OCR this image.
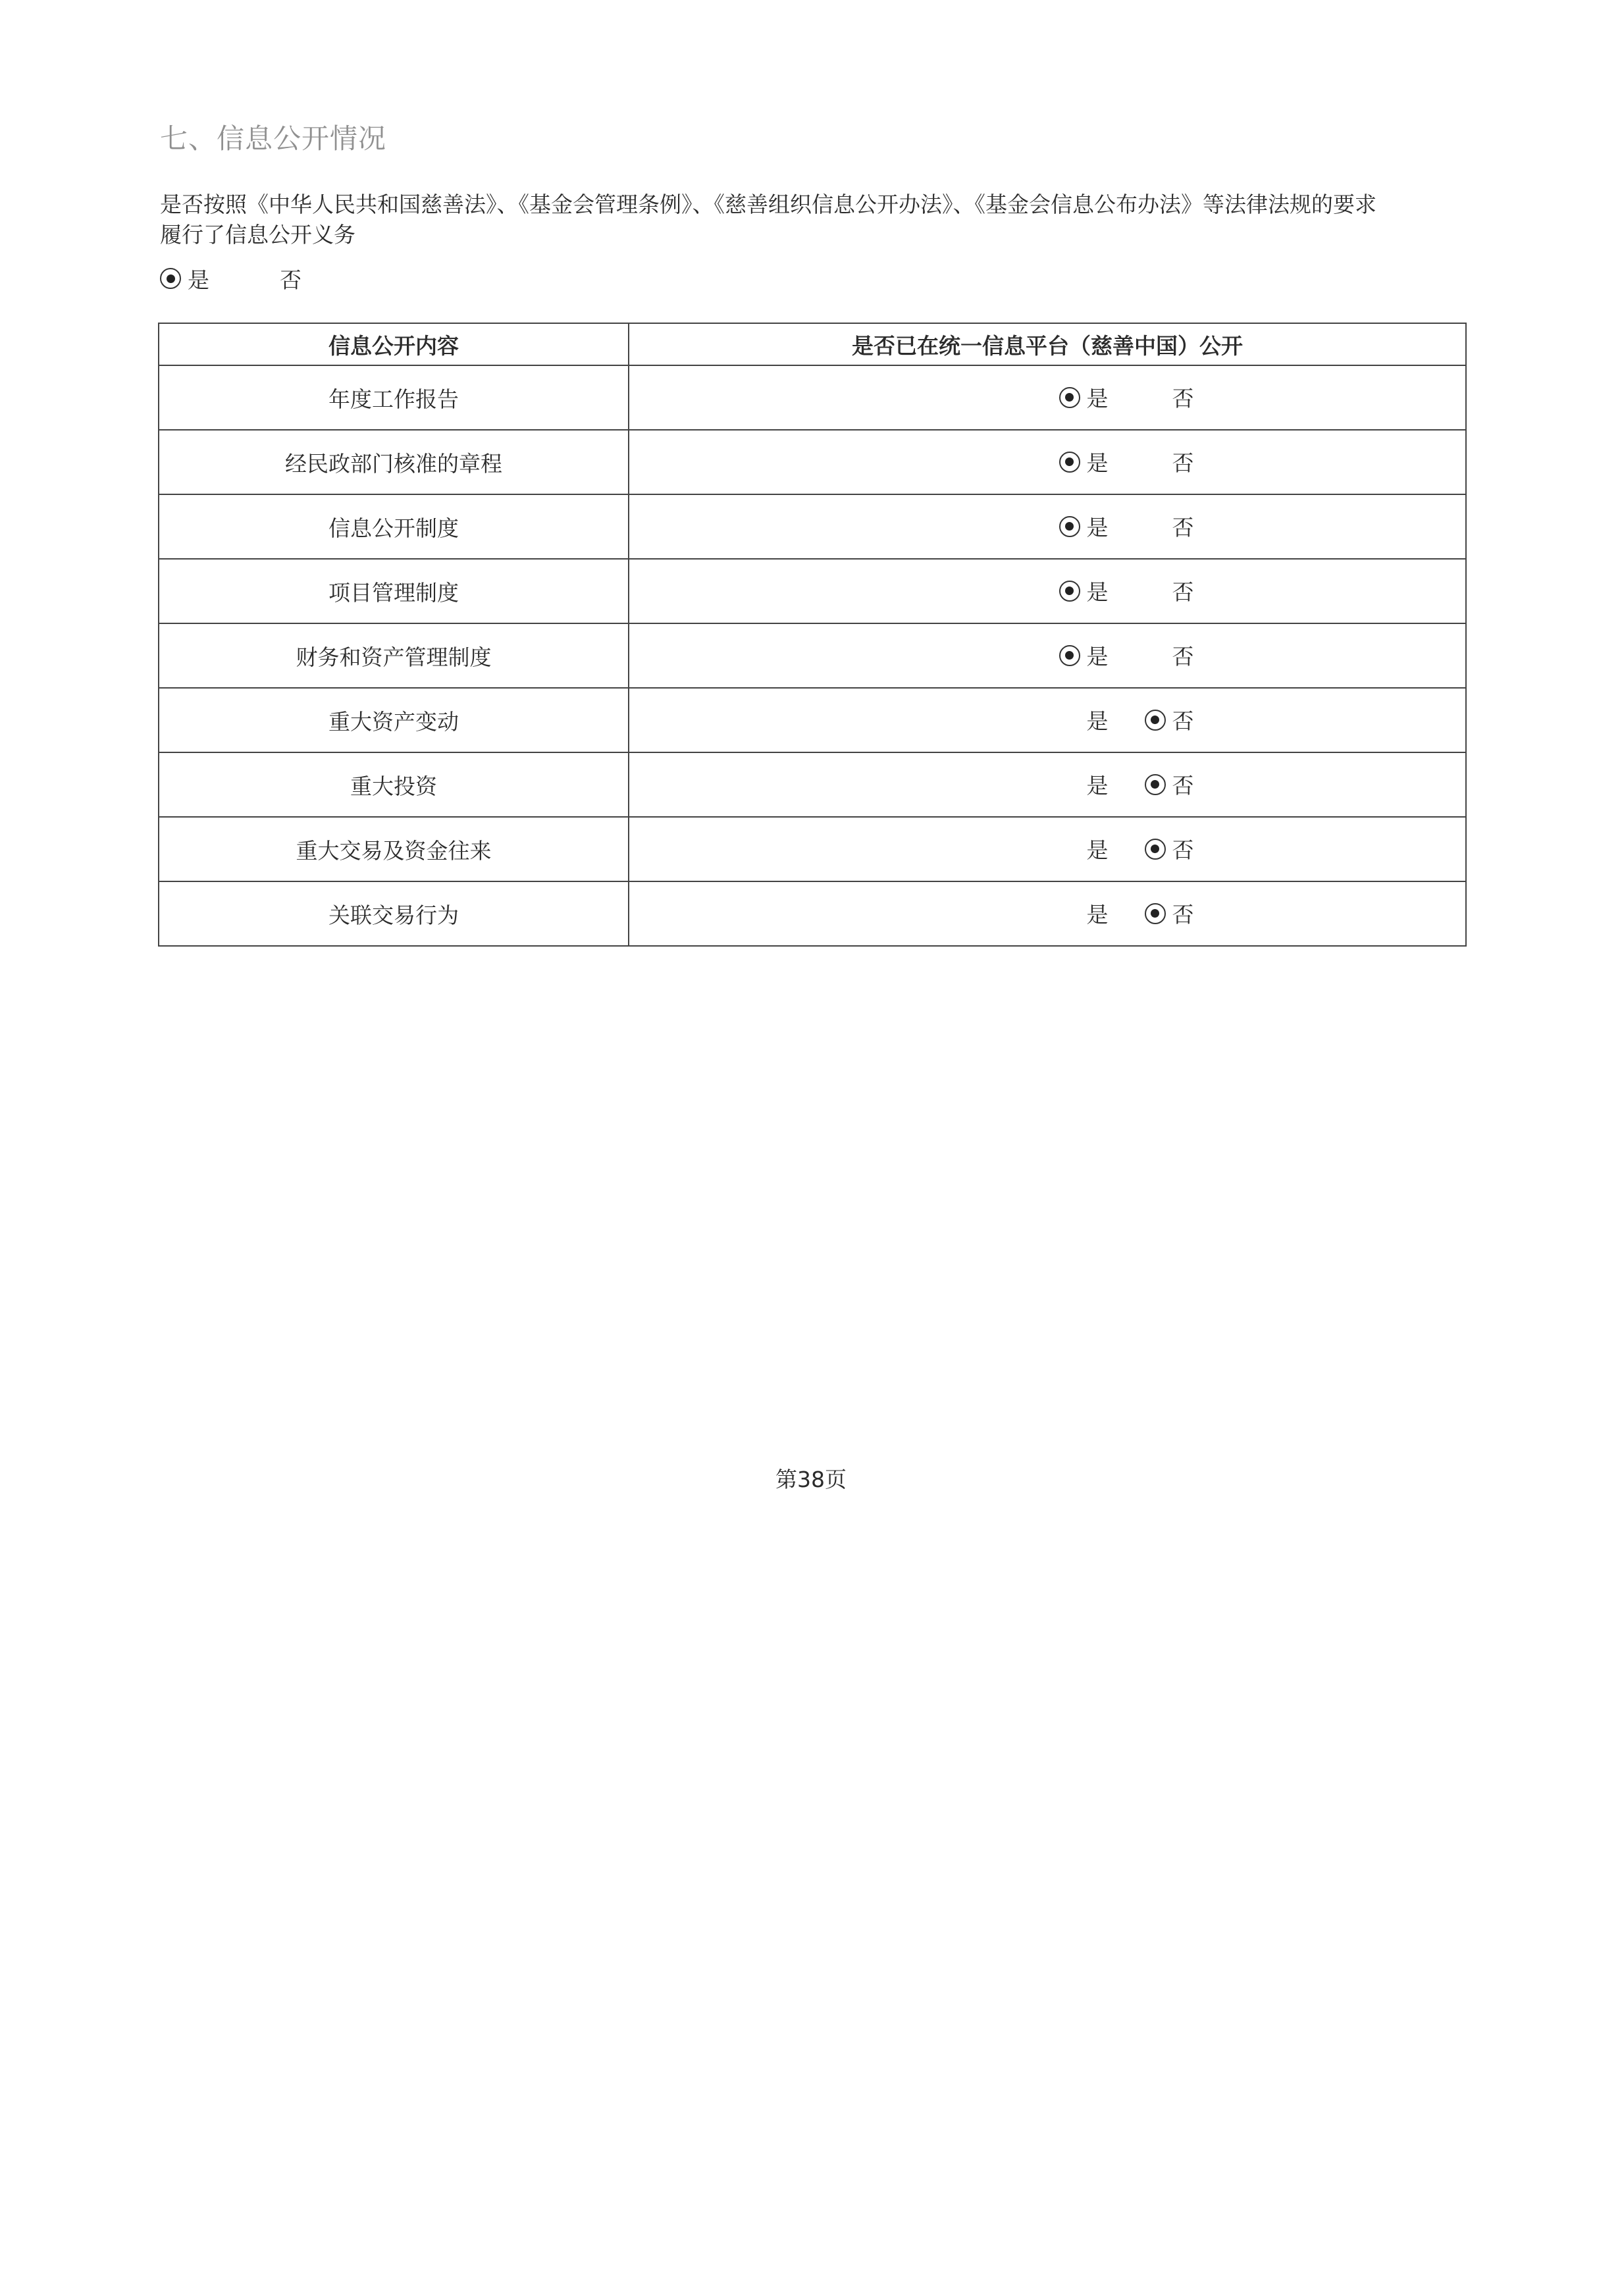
七、信息公开情况
是否按照《中华人民共和国慈善法》、《基金会管理条例》、《慈善组织信息公开办法》、《基金会信息公布办法》等法律法规的要求
履行了信息公开义务
是	否
信息公开内容	是否已在统一信息平台（慈善中国）公开
年度工作报告	是 否

经民政部门核准的章程	是 否

信息公开制度	是 否

项目管理制度	是 否

财务和资产管理制度	是 否

重大资产变动	是 否

重大投资	是 否

重大交易及资金往来	是 否

关联交易行为	是 否
第38页
